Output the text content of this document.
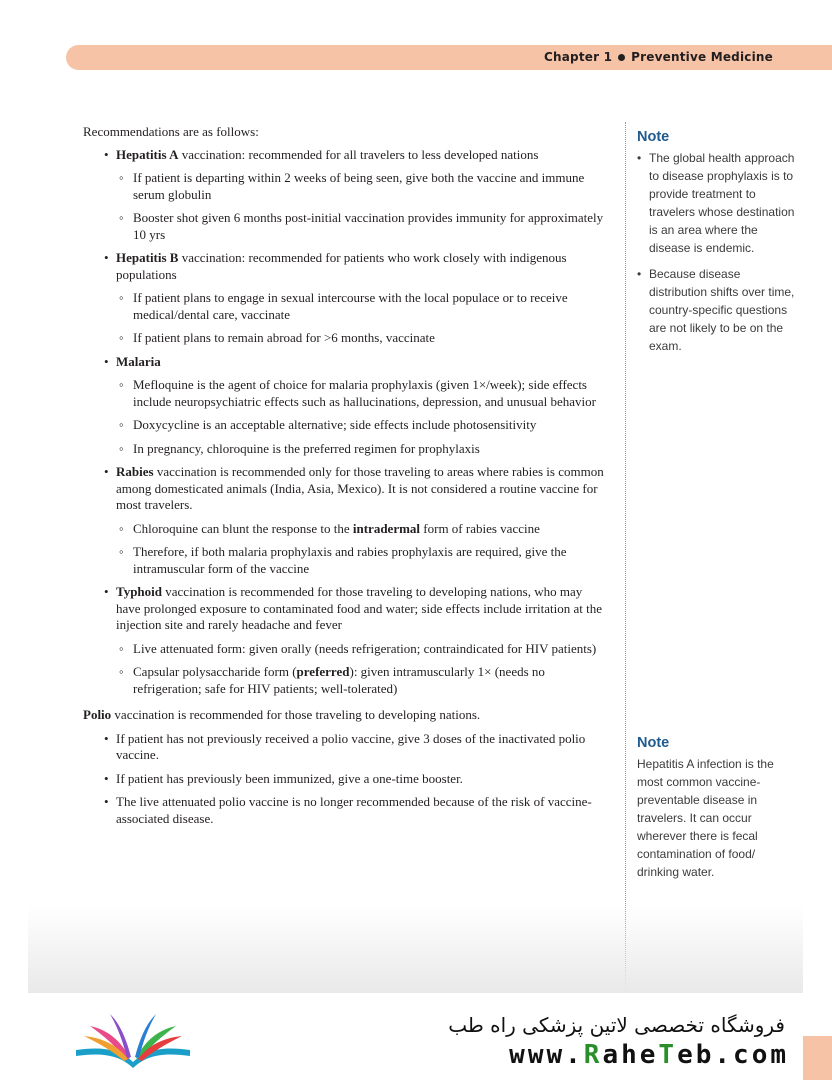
Chapter 1 Preventive Medicine

Recommendations are as follows:

• Hepatitis A vaccination: recommended for all travelers to less developed nations
◦ If patient is departing within 2 weeks of being seen, give both the vaccine and immune serum globulin
◦ Booster shot given 6 months post-initial vaccination provides immunity for approximately 10 yrs
• Hepatitis B vaccination: recommended for patients who work closely with indigenous populations
◦ If patient plans to engage in sexual intercourse with the local populace or to receive medical/dental care, vaccinate
◦ If patient plans to remain abroad for >6 months, vaccinate
• Malaria
◦ Mefloquine is the agent of choice for malaria prophylaxis (given 1×/week); side effects include neuropsychiatric effects such as hallucinations, depression, and unusual behavior
◦ Doxycycline is an acceptable alternative; side effects include photosensitivity
◦ In pregnancy, chloroquine is the preferred regimen for prophylaxis
• Rabies vaccination is recommended only for those traveling to areas where rabies is common among domesticated animals (India, Asia, Mexico). It is not considered a routine vaccine for most travelers.
◦ Chloroquine can blunt the response to the intradermal form of rabies vaccine
◦ Therefore, if both malaria prophylaxis and rabies prophylaxis are required, give the intramuscular form of the vaccine
• Typhoid vaccination is recommended for those traveling to developing nations, who may have prolonged exposure to contaminated food and water; side effects include irritation at the injection site and rarely headache and fever
◦ Live attenuated form: given orally (needs refrigeration; contraindicated for HIV patients)
◦ Capsular polysaccharide form (preferred): given intramuscularly 1× (needs no refrigeration; safe for HIV patients; well-tolerated)

Polio vaccination is recommended for those traveling to developing nations.

• If patient has not previously received a polio vaccine, give 3 doses of the inactivated polio vaccine.
• If patient has previously been immunized, give a one-time booster.
• The live attenuated polio vaccine is no longer recommended because of the risk of vaccine-associated disease.
Note
• The global health approach to disease prophylaxis is to provide treatment to travelers whose destination is an area where the disease is endemic.
• Because disease distribution shifts over time, country-specific questions are not likely to be on the exam.
Note
Hepatitis A infection is the most common vaccine-preventable disease in travelers. It can occur wherever there is fecal contamination of food/ drinking water.
فروشگاه تخصصی لاتین پزشکی راه طب
www.RaheTeb.com
